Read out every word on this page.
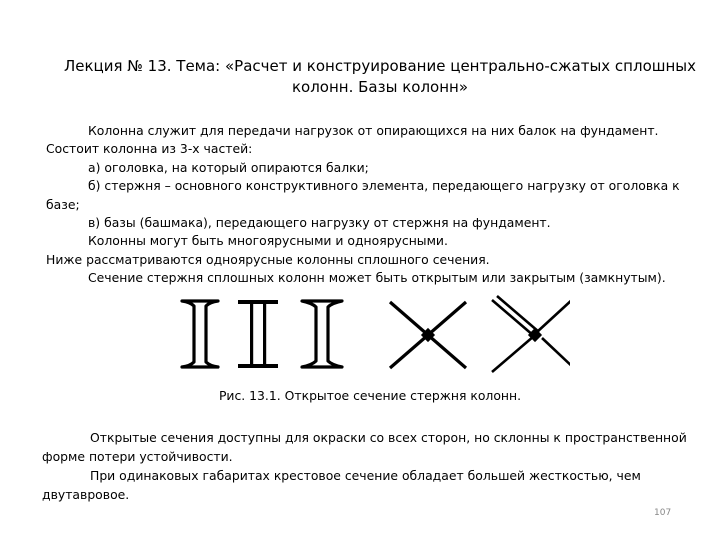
Лекция № 13. Тема: «Расчет и конструирование центрально-сжатых сплошных колонн. Базы колонн»

Колонна служит для передачи нагрузок от опирающихся на них балок на фундамент. Состоит колонна из 3-х частей:

а) оголовка, на который опираются балки;

б) стержня – основного конструктивного элемента, передающего нагрузку от оголовка к базе;

в) базы (башмака), передающего нагрузку от стержня на фундамент.

Колонны могут быть многоярусными и одноярусными.

Ниже рассматриваются одноярусные колонны сплошного сечения.

Сечение стержня сплошных колонн может быть открытым или закрытым (замкнутым).

Рис. 13.1. Открытое сечение стержня колонн.

Открытые сечения доступны для окраски со всех сторон, но склонны к пространственной форме потери устойчивости.

При одинаковых габаритах крестовое сечение обладает большей жесткостью, чем двутавровое.

107
